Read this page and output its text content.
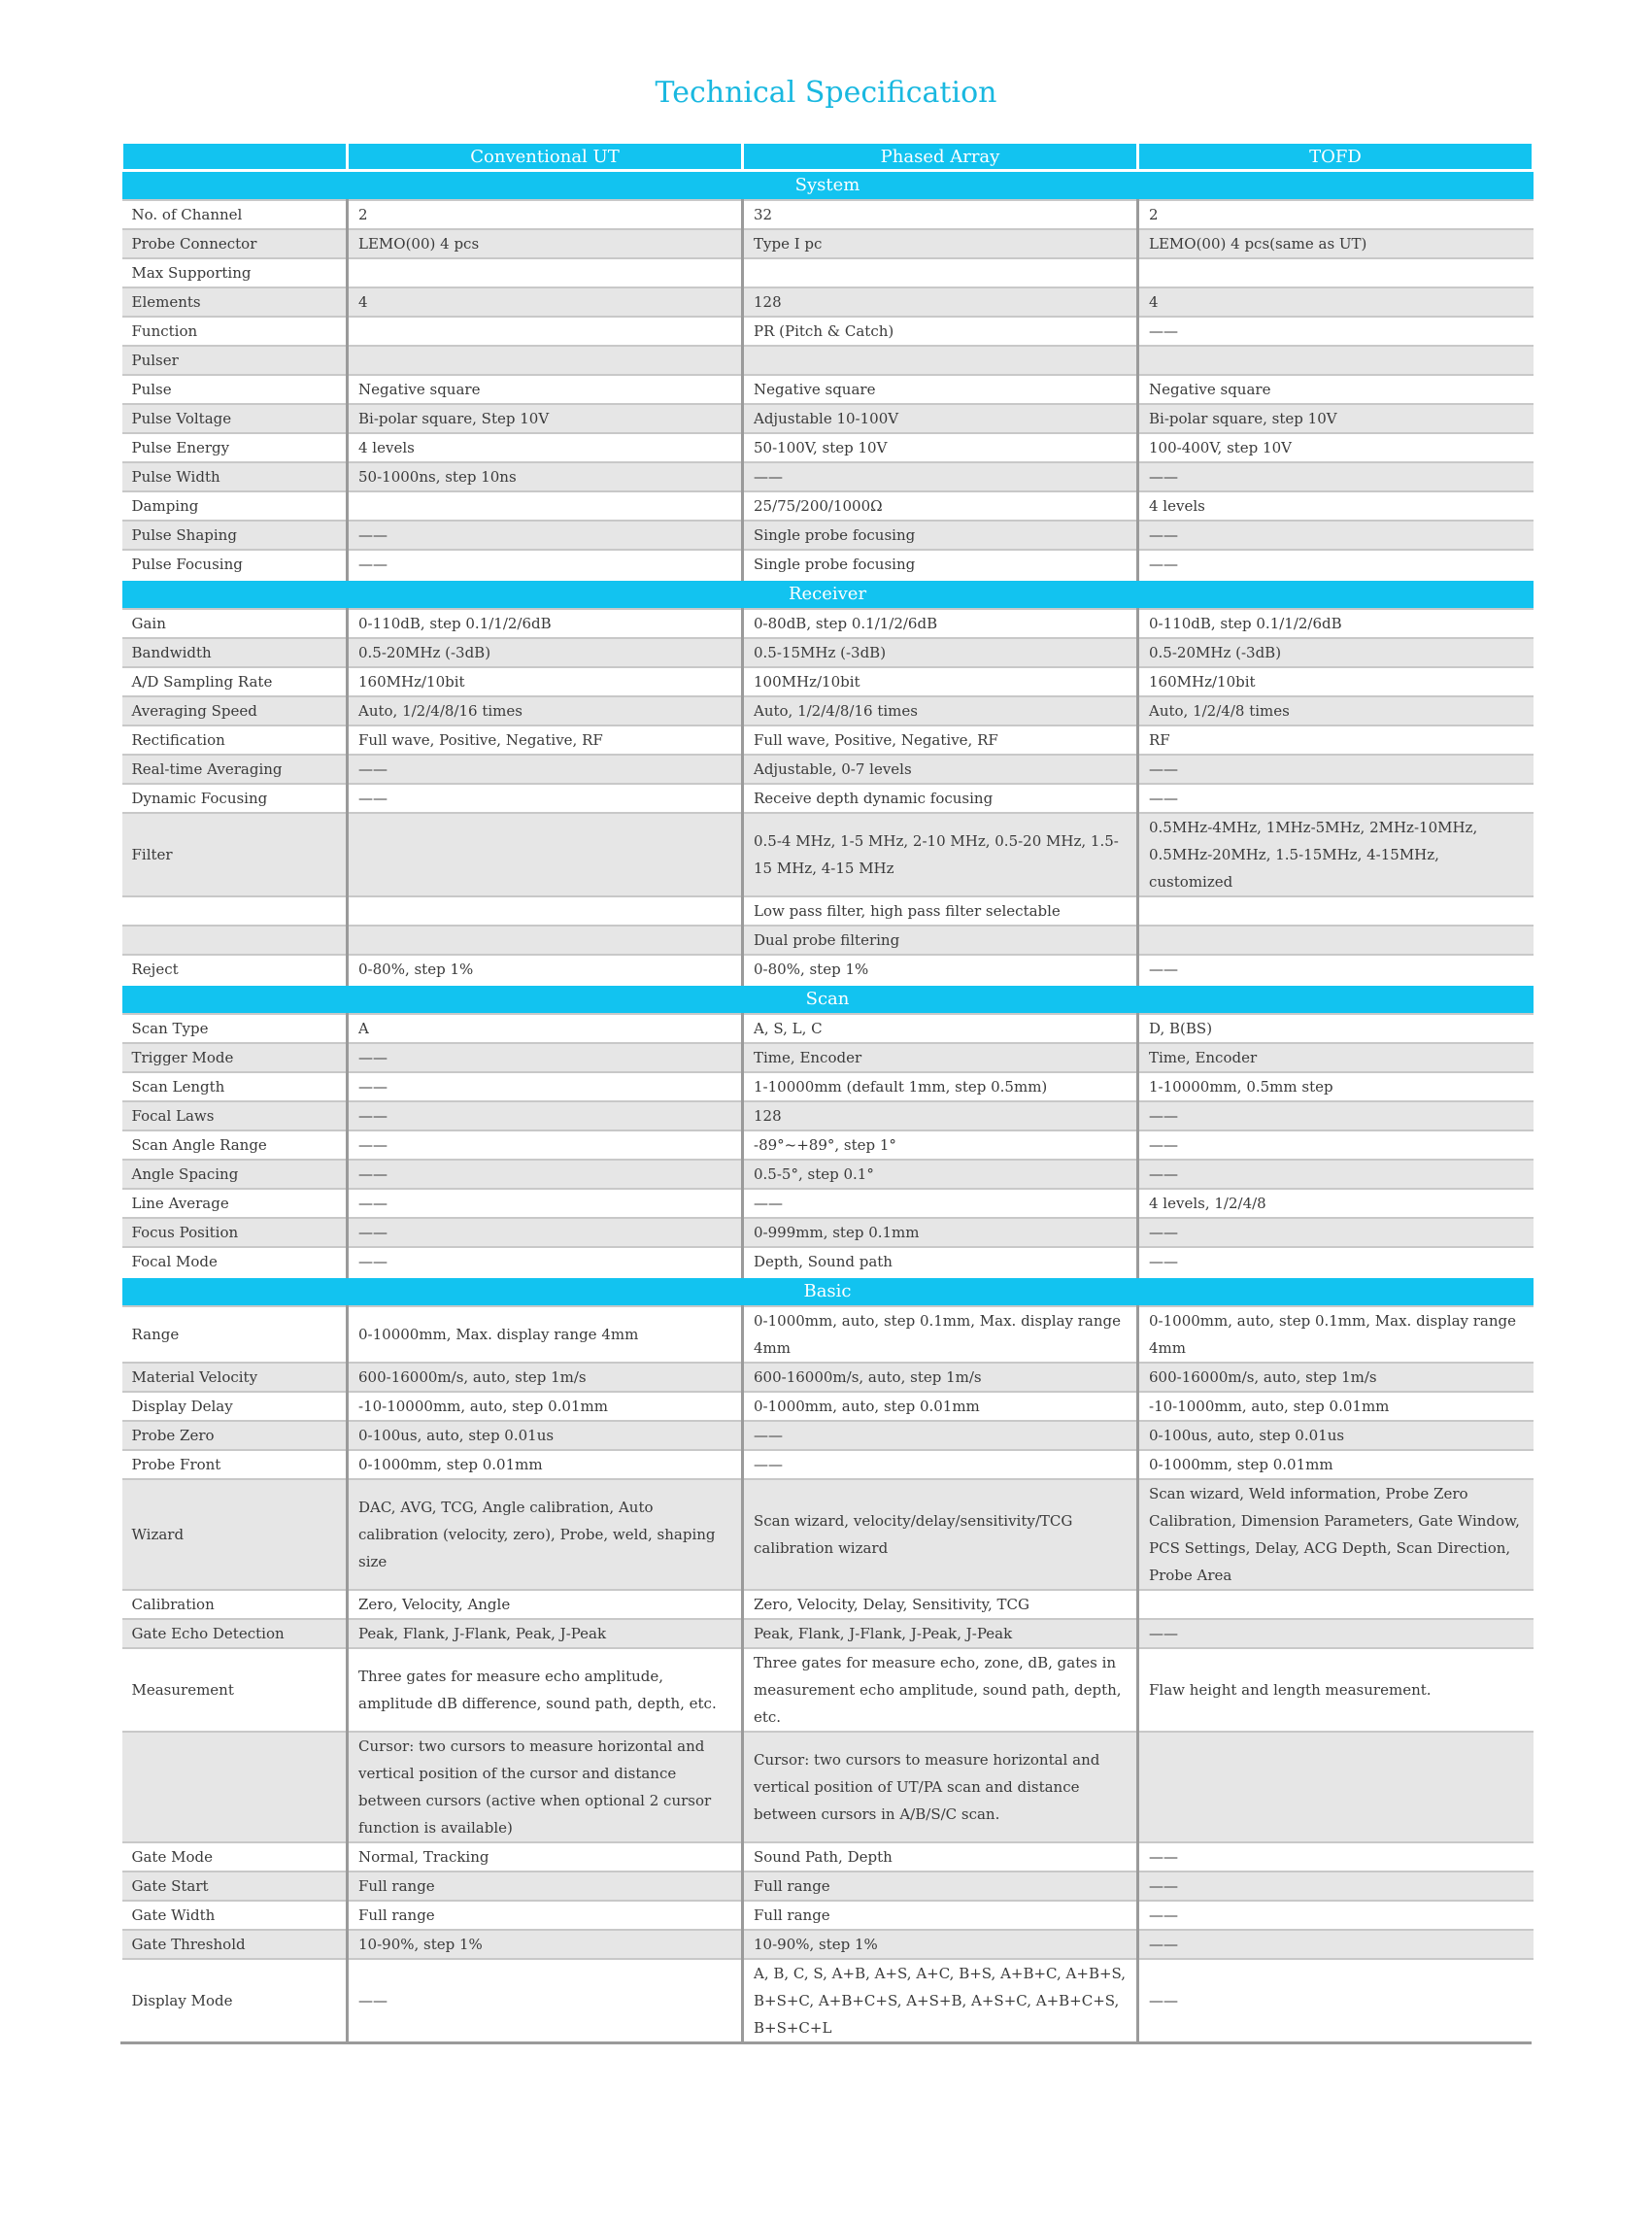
Technical Specification
	Conventional UT	Phased Array	TOFD
System			
No. of Channel	2	32	2
Probe Connector	LEMO(00) 4 pcs	Type I pc	LEMO(00) 4 pcs(same as UT)
Max Supporting			
Elements	4	128	4
Function		PR (Pitch & Catch)	——
Pulser			
Pulse	Negative square	Negative square	Negative square
Pulse Voltage	Bi-polar square, Step 10V	Adjustable 10-100V	Bi-polar square, step 10V
Pulse Energy	4 levels	50-100V, step 10V	100-400V, step 10V
Pulse Width	50-1000ns, step 10ns	——	——
Damping		25/75/200/1000Ω	4 levels
Pulse Shaping	——	Single probe focusing	——
Pulse Focusing	——	Single probe focusing	——
Receiver			
Gain	0-110dB, step 0.1/1/2/6dB	0-80dB, step 0.1/1/2/6dB	0-110dB, step 0.1/1/2/6dB
Bandwidth	0.5-20MHz (-3dB)	0.5-15MHz (-3dB)	0.5-20MHz (-3dB)
A/D Sampling Rate	160MHz/10bit	100MHz/10bit	160MHz/10bit
Averaging Speed	Auto, 1/2/4/8/16 times	Auto, 1/2/4/8/16 times	Auto, 1/2/4/8 times
Rectification	Full wave, Positive, Negative, RF	Full wave, Positive, Negative, RF	RF
Real-time Averaging	——	Adjustable, 0-7 levels	——
Dynamic Focusing	——	Receive depth dynamic focusing	——
Filter		0.5-4 MHz, 1-5 MHz, 2-10 MHz, 0.5-20 MHz, 1.5-15 MHz, 4-15 MHz	0.5MHz-4MHz, 1MHz-5MHz, 2MHz-10MHz, 0.5MHz-20MHz, 1.5-15MHz, 4-15MHz, customized
		Low pass filter, high pass filter selectable	
		Dual probe filtering	
Reject	0-80%, step 1%	0-80%, step 1%	——
Scan			
Scan Type	A	A, S, L, C	D, B(BS)
Trigger Mode	——	Time, Encoder	Time, Encoder
Scan Length	——	1-10000mm (default 1mm, step 0.5mm)	1-10000mm, 0.5mm step
Focal Laws	——	128	——
Scan Angle Range	——	-89°~+89°, step 1°	——
Angle Spacing	——	0.5-5°, step 0.1°	——
Line Average	——	——	4 levels, 1/2/4/8
Focus Position	——	0-999mm, step 0.1mm	——
Focal Mode	——	Depth, Sound path	——
Basic			
Range	0-10000mm, Max. display range 4mm	0-1000mm, auto, step 0.1mm, Max. display range 4mm	0-1000mm, auto, step 0.1mm, Max. display range 4mm
Material Velocity	600-16000m/s, auto, step 1m/s	600-16000m/s, auto, step 1m/s	600-16000m/s, auto, step 1m/s
Display Delay	-10-10000mm, auto, step 0.01mm	0-1000mm, auto, step 0.01mm	-10-1000mm, auto, step 0.01mm
Probe Zero	0-100us, auto, step 0.01us	——	0-100us, auto, step 0.01us
Probe Front	0-1000mm, step 0.01mm	——	0-1000mm, step 0.01mm
Wizard	DAC, AVG, TCG, Angle calibration, Auto calibration (velocity, zero), Probe, weld, shaping size	Scan wizard, velocity/delay/sensitivity/TCG calibration wizard	Scan wizard, Weld information, Probe Zero Calibration, Dimension Parameters, Gate Window, PCS Settings, Delay, ACG Depth, Scan Direction, Probe Area
Calibration	Zero, Velocity, Angle	Zero, Velocity, Delay, Sensitivity, TCG	
Gate Echo Detection	Peak, Flank, J-Flank, Peak, J-Peak	Peak, Flank, J-Flank, J-Peak, J-Peak	——
Measurement	Three gates for measure echo amplitude, amplitude dB difference, sound path, depth, etc.	Three gates for measure echo, zone, dB, gates in measurement echo amplitude, sound path, depth, etc.	Flaw height and length measurement.
	Cursor: two cursors to measure horizontal and vertical position of the cursor and distance between cursors (active when optional 2 cursor function is available)	Cursor: two cursors to measure horizontal and vertical position of UT/PA scan and distance between cursors in A/B/S/C scan.	
Gate Mode	Normal, Tracking	Sound Path, Depth	——
Gate Start	Full range	Full range	——
Gate Width	Full range	Full range	——
Gate Threshold	10-90%, step 1%	10-90%, step 1%	——
Display Mode	——	A, B, C, S, A+B, A+S, A+C, B+S, A+B+C, A+B+S, B+S+C, A+B+C+S, A+S+B, A+S+C, A+B+C+S, B+S+C+L	——
